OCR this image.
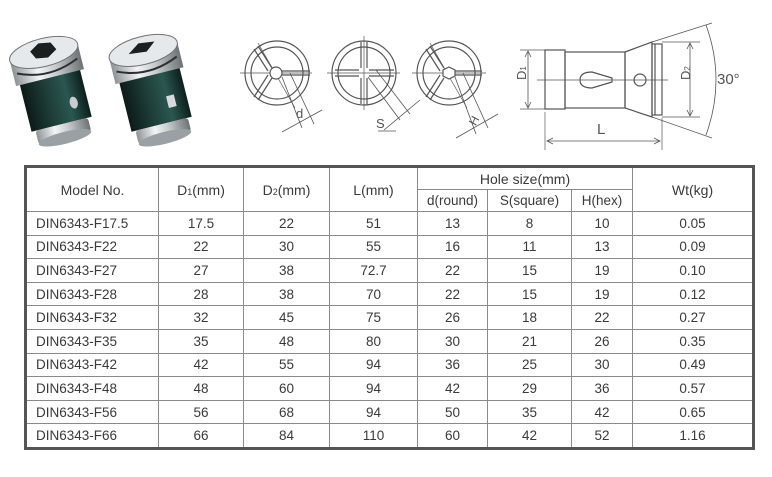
d
S	H
D1
D2
L
30°
Model No.	D1(mm)	D2(mm)	L(mm)	Hole size(mm)			Wt(kg)
				d(round)	S(square)	H(hex)	
DIN6343-F17.5	17.5	22	51	13	8	10	0.05
DIN6343-F22	22	30	55	16	11	13	0.09
DIN6343-F27	27	38	72.7	22	15	19	0.10
DIN6343-F28	28	38	70	22	15	19	0.12
DIN6343-F32	32	45	75	26	18	22	0.27
DIN6343-F35	35	48	80	30	21	26	0.35
DIN6343-F42	42	55	94	36	25	30	0.49
DIN6343-F48	48	60	94	42	29	36	0.57
DIN6343-F56	56	68	94	50	35	42	0.65
DIN6343-F66	66	84	110	60	42	52	1.16
